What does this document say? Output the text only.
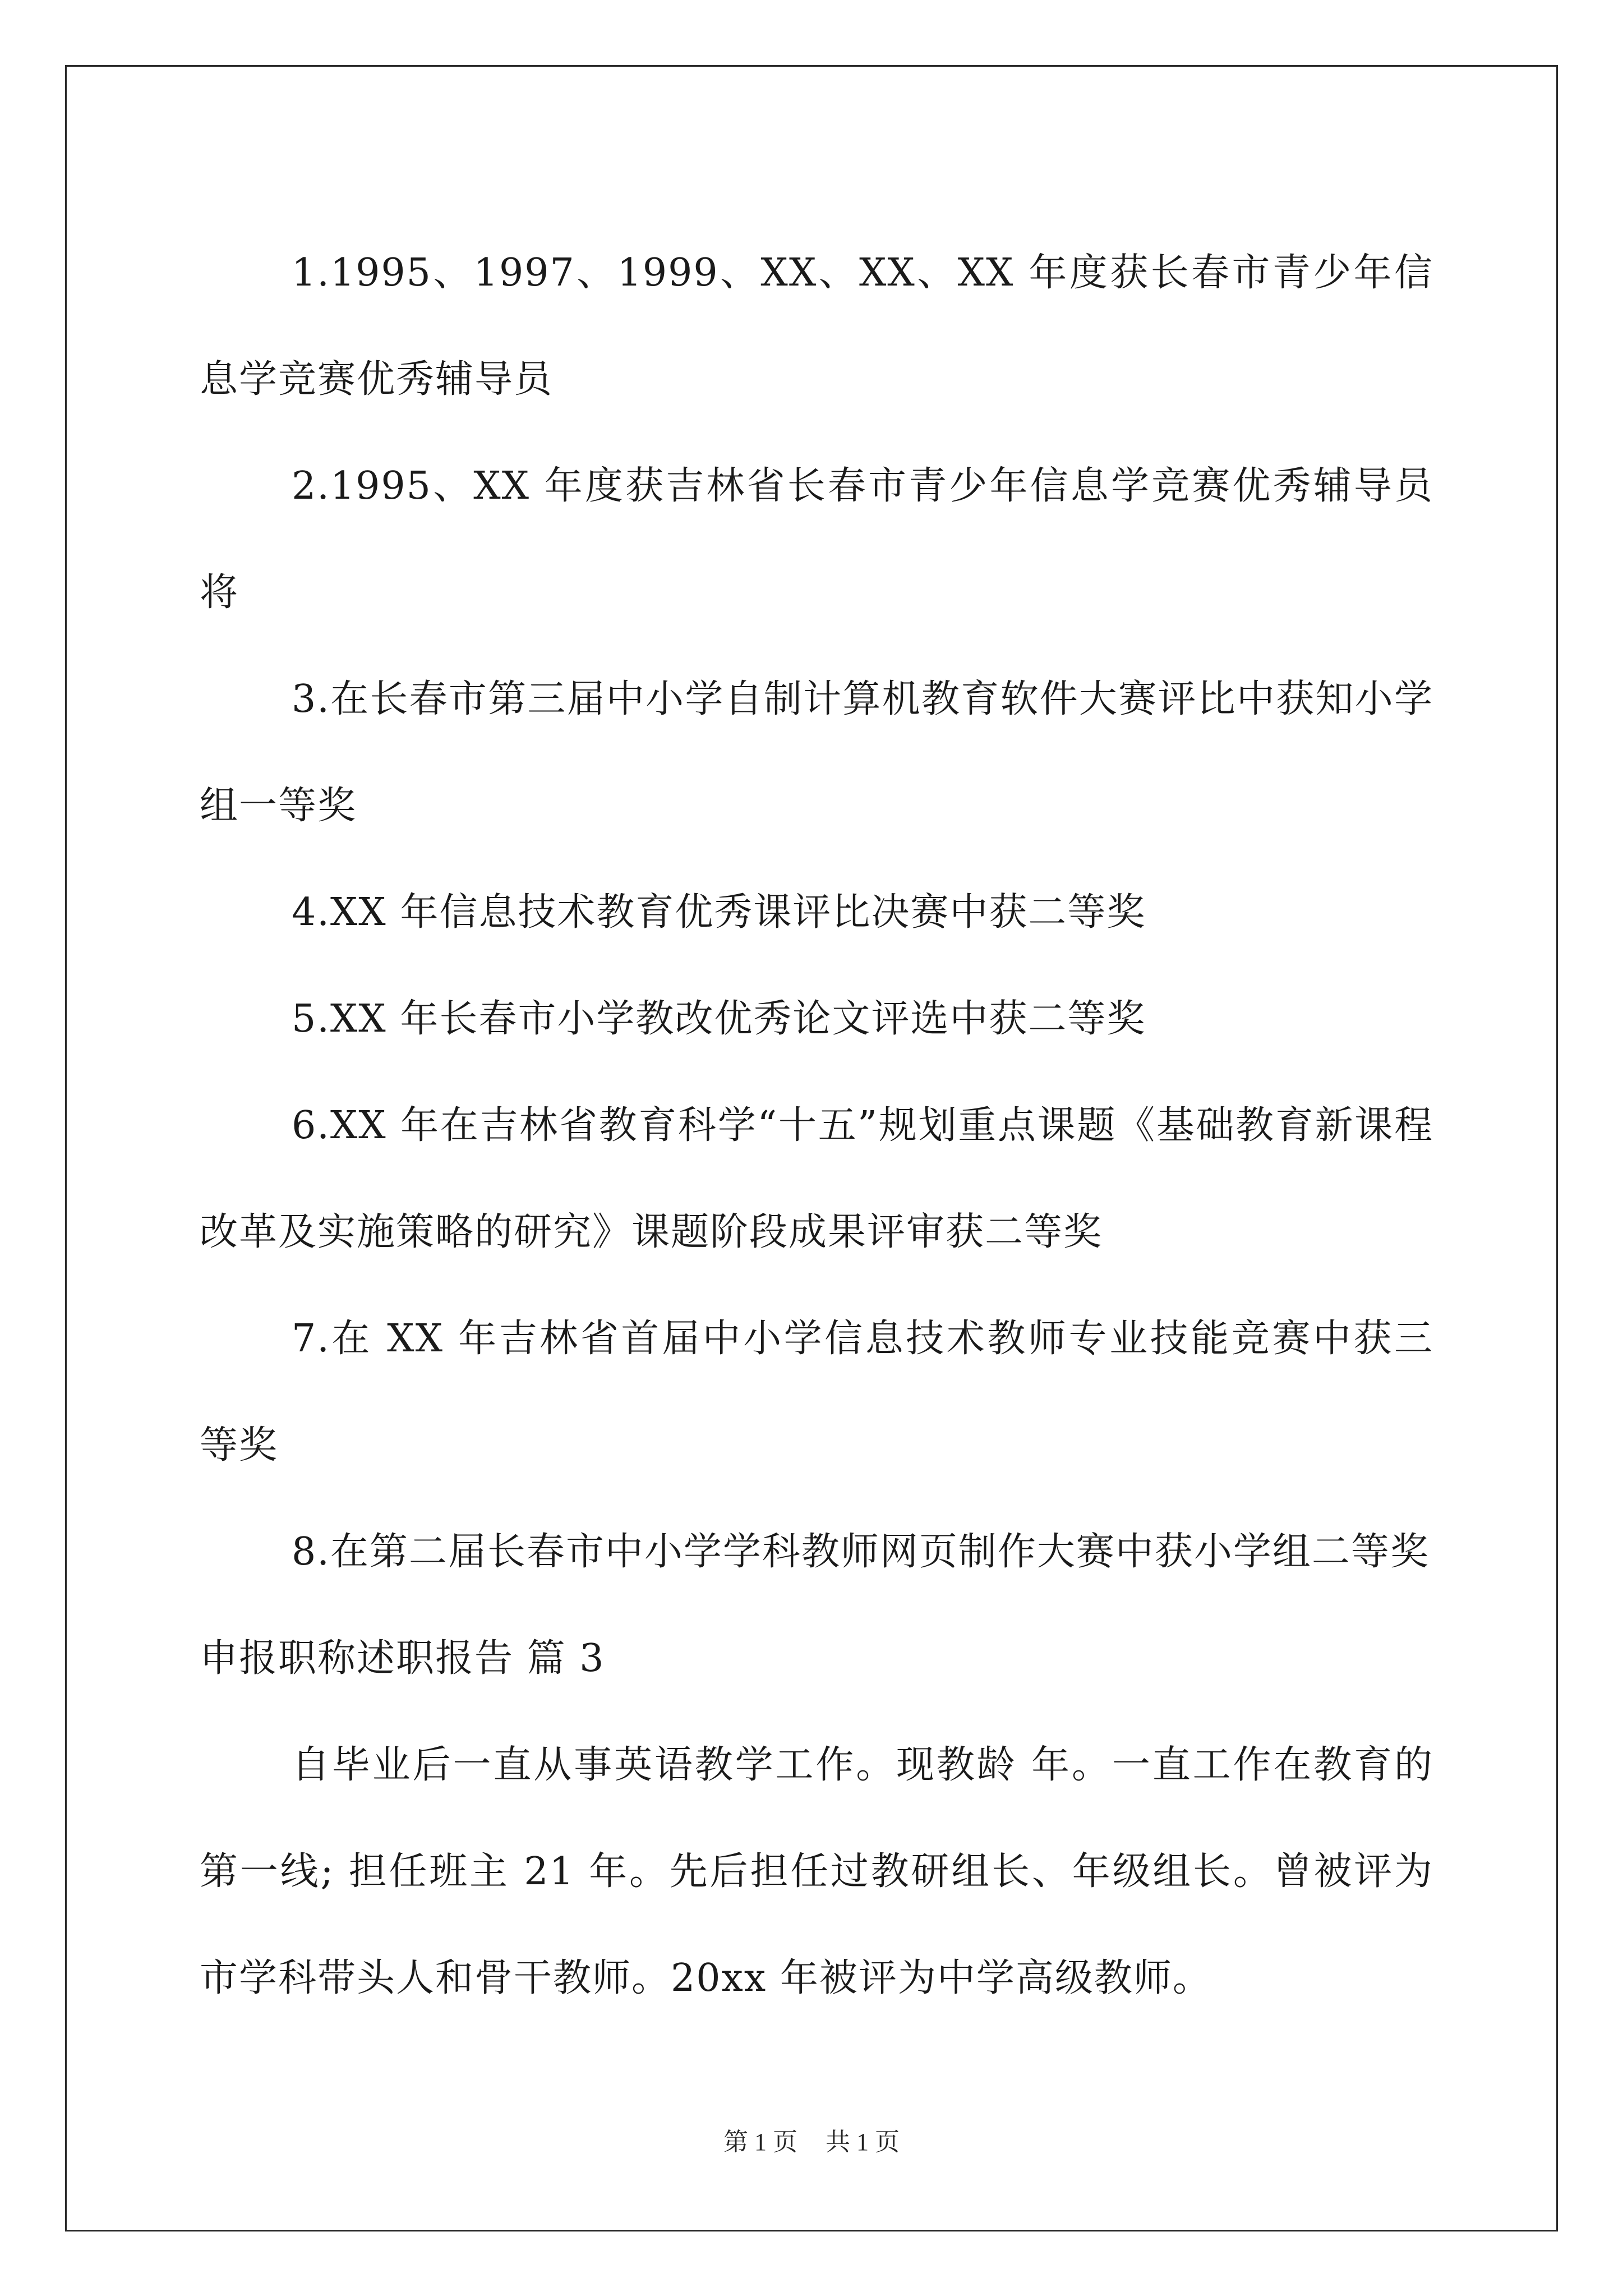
1.1995、1997、1999、XX、XX、XX 年度获长春市青少年信息学竞赛优秀辅导员

2.1995、XX 年度获吉林省长春市青少年信息学竞赛优秀辅导员将

3.在长春市第三届中小学自制计算机教育软件大赛评比中获知小学组一等奖

4.XX 年信息技术教育优秀课评比决赛中获二等奖

5.XX 年长春市小学教改优秀论文评选中获二等奖

6.XX 年在吉林省教育科学“十五”规划重点课题《基础教育新课程改革及实施策略的研究》课题阶段成果评审获二等奖

7.在 XX 年吉林省首届中小学信息技术教师专业技能竞赛中获三等奖

8.在第二届长春市中小学学科教师网页制作大赛中获小学组二等奖

申报职称述职报告 篇 3

自毕业后一直从事英语教学工作。现教龄 年。一直工作在教育的第一线; 担任班主 21 年。先后担任过教研组长、年级组长。曾被评为市学科带头人和骨干教师。20xx 年被评为中学高级教师。

第 1 页 共 1 页
